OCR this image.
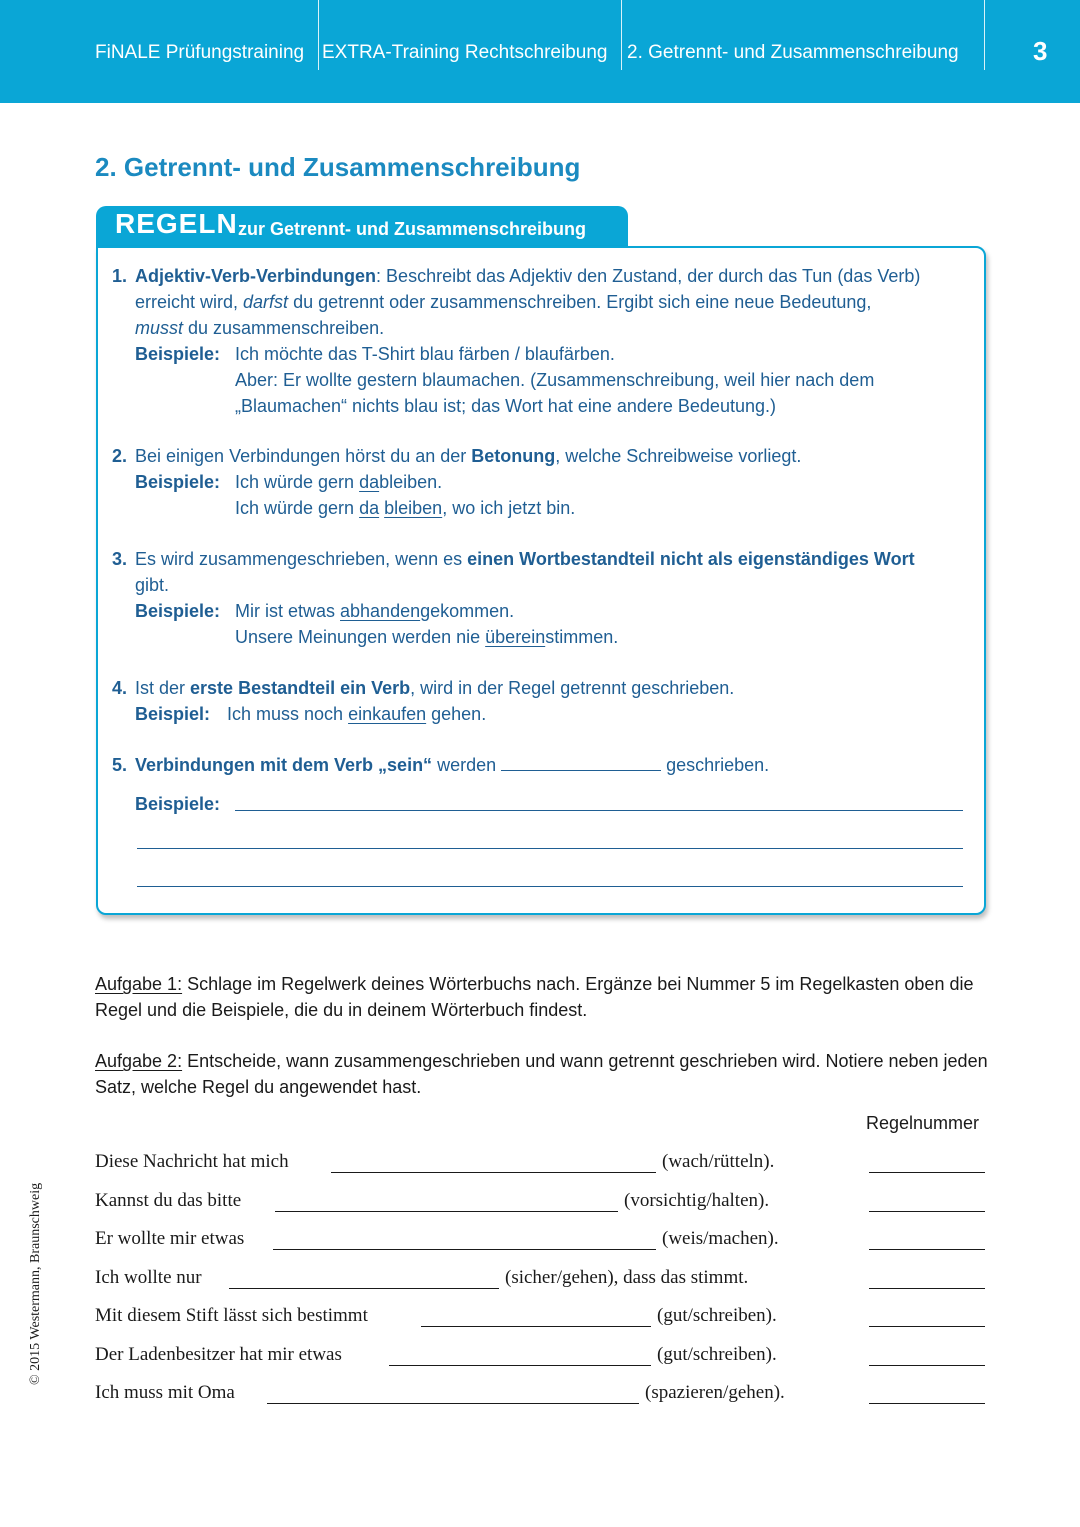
FiNALE Prüfungstraining EXTRA-Training Rechtschreibung 2. Getrennt- und Zusammenschreibung	3
2. Getrennt- und Zusammenschreibung
REGELN zur Getrennt- und Zusammenschreibung
1. Adjektiv-Verb-Verbindungen: Beschreibt das Adjektiv den Zustand, der durch das Tun (das Verb)
erreicht wird, darfst du getrennt oder zusammenschreiben. Ergibt sich eine neue Bedeutung,
musst du zusammenschreiben.
Beispiele: Ich möchte das T-Shirt blau färben / blaufärben.
Aber: Er wollte gestern blaumachen. (Zusammenschreibung, weil hier nach dem
„Blaumachen“ nichts blau ist; das Wort hat eine andere Bedeutung.)
2. Bei einigen Verbindungen hörst du an der Betonung, welche Schreibweise vorliegt.
Beispiele: Ich würde gern dableiben.
Ich würde gern da bleiben, wo ich jetzt bin.
3. Es wird zusammengeschrieben, wenn es einen Wortbestandteil nicht als eigenständiges Wort
gibt.
Beispiele: Mir ist etwas abhandengekommen.
Unsere Meinungen werden nie übereinstimmen.
4. Ist der erste Bestandteil ein Verb, wird in der Regel getrennt geschrieben.
Beispiel: Ich muss noch einkaufen gehen.
5. Verbindungen mit dem Verb „sein“ werden	geschrieben.
Beispiele:
Aufgabe 1: Schlage im Regelwerk deines Wörterbuchs nach. Ergänze bei Nummer 5 im Regelkasten oben die Regel und die Beispiele, die du in deinem Wörterbuch findest.
Aufgabe 2: Entscheide, wann zusammengeschrieben und wann getrennt geschrieben wird. Notiere neben jeden Satz, welche Regel du angewendet hast.
Regelnummer
Diese Nachricht hat mich	(wach/rütteln).
Kannst du das bitte	(vorsichtig/halten).
Er wollte mir etwas	(weis/machen).
Ich wollte nur	(sicher/gehen), dass das stimmt.
Mit diesem Stift lässt sich bestimmt	(gut/schreiben).
Der Ladenbesitzer hat mir etwas	(gut/schreiben).
Ich muss mit Oma	(spazieren/gehen).
© 2015 Westermann, Braunschweig
